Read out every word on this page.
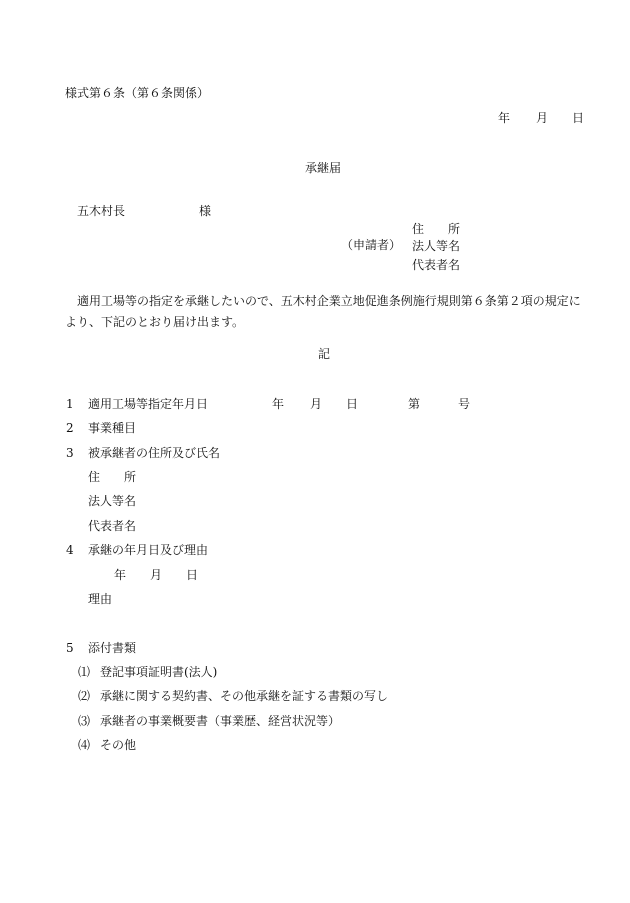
様式第６条（第６条関係）
年 月 日
承継届
五木村長	様
住　　所
（申請者） 法人等名
代表者名
適用工場等の指定を承継したいので、五木村企業立地促進条例施行規則第６条第２項の規定により、下記のとおり届け出ます。
記
1 適用工場等指定年月日	年 月 日	第	号
2 事業種目
3 被承継者の住所及び氏名
住　　所
法人等名
代表者名
4 承継の年月日及び理由
年 月 日
理由
5 添付書類
⑴ 登記事項証明書(法人)
⑵ 承継に関する契約書、その他承継を証する書類の写し
⑶ 承継者の事業概要書（事業歴、経営状況等）
⑷ その他
